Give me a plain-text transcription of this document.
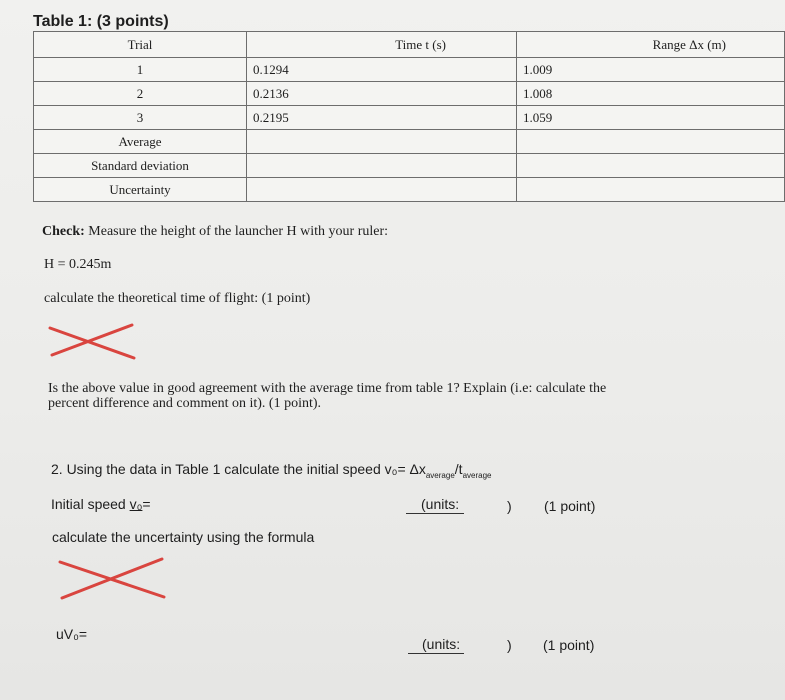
Table 1: (3 points)
Trial	Time t (s)	Range Δx (m)
1	0.1294	1.009
2	0.2136	1.008
3	0.2195	1.059
Average		
Standard deviation		
Uncertainty		
Check: Measure the height of the launcher H with your ruler:
H = 0.245m
calculate the theoretical time of flight: (1 point)
Is the above value in good agreement with the average time from table 1? Explain (i.e: calculate the
percent difference and comment on it). (1 point).
2. Using the data in Table 1 calculate the initial speed $v_0= \Delta x_{average}/t_{average}$
Initial speed v₀=	(units:	) (1 point)
calculate the uncertainty using the formula
uV₀=
(units:	) (1 point)
